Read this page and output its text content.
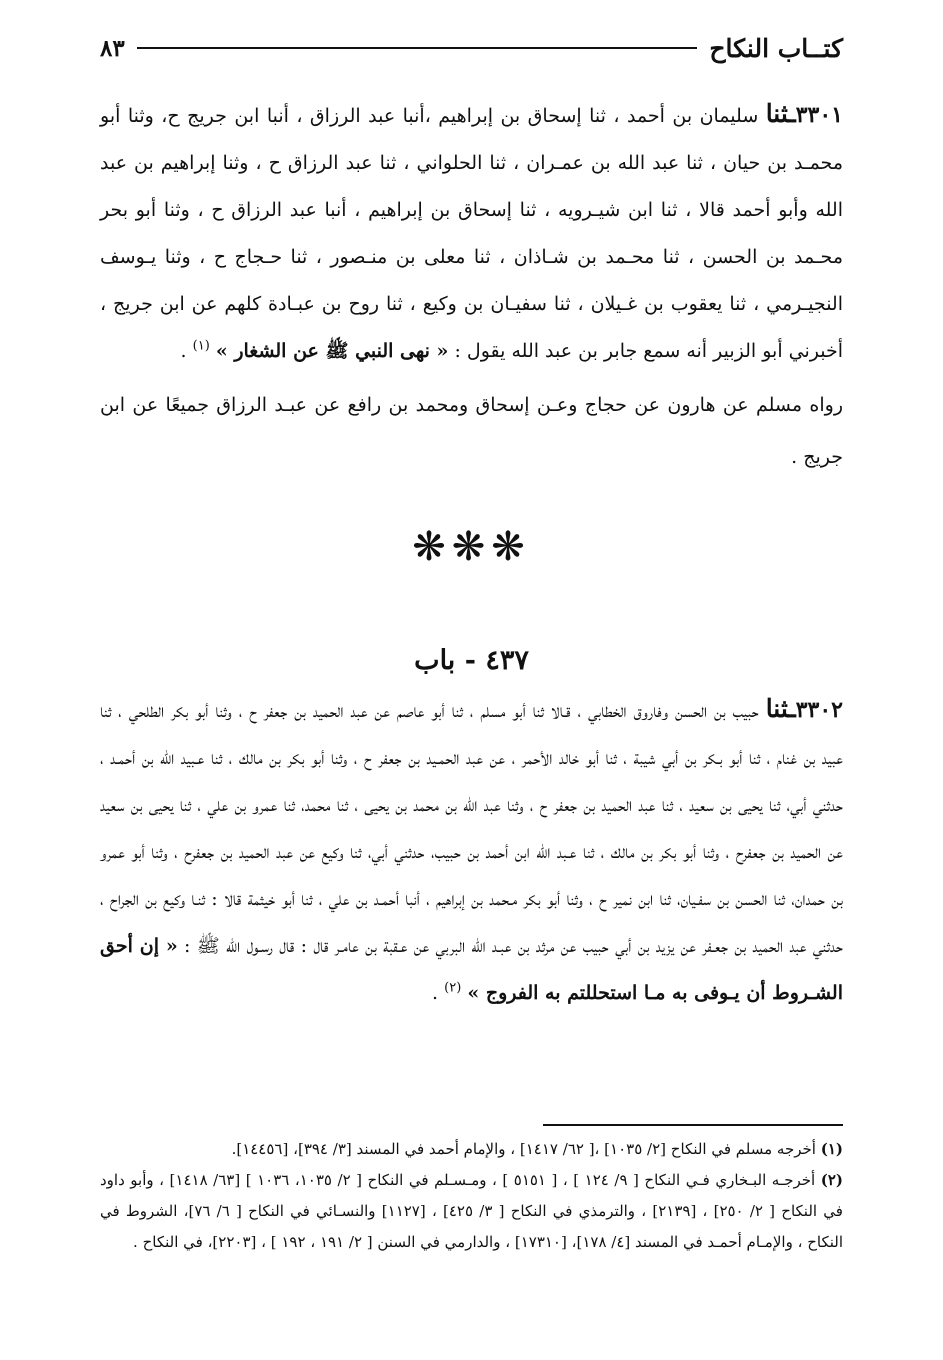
كتــاب النكاح
٨٣

٣٣٠١ـثنا سليمان بن أحمد ، ثنا إسحاق بن إبراهيم ،أنبا عبد الرزاق ، أنبا ابن جريج ح، وثنا أبو محمـد بن حيان ، ثنا عبد الله بن عمـران ، ثنا الحلواني ، ثنا عبد الرزاق ح ، وثنا إبراهيم بن عبد الله وأبو أحمد قالا ، ثنا ابن شيـرويه ، ثنا إسحاق بن إبراهيم ، أنبا عبد الرزاق ح ، وثنا أبو بحر محـمد بن الحسن ، ثنا محـمد بن شـاذان ، ثنا معلى بن منـصور ، ثنا حـجاج ح ، وثنا يـوسف النجيـرمي ، ثنا يعقوب بن غـيلان ، ثنا سفيـان بن وكيع ، ثنا روح بن عبـادة كلهم عن ابن جريج ، أخبرني أبو الزبير أنه سمع جابر بن عبد الله يقول : « نهى النبي ﷺ عن الشغار » $^{(١)}$ .

رواه مسلم عن هارون عن حجاج وعـن إسحاق ومحمد بن رافع عن عبـد الرزاق جميعًا عن ابن جريج .

❋❋❋
٤٣٧ - باب

٣٣٠٢ـثنا حبيب بن الحسن وفاروق الخطابي ، قـالا ثنا أبو مسلم ، ثنا أبو عاصم عن عبد الحميد بن جعفر ح ، وثنا أبو بكر الطلحي ، ثنا عبيد بن غنام ، ثنا أبو بـكر بن أبي شيبة ، ثنا أبو خالد الأحمر ، عن عبد الحمـيد بن جعفر ح ، وثنا أبو بكر بن مالك ، ثنا عـبيد الله بن أحمـد ، حدثني أبي، ثنا يحيى بن سعيد ، ثنا عبد الحميد بن جعفر ح ، وثنا عبد الله بن محمد بن يحيى ، ثنا محمد، ثنا عمرو بن علي ، ثنا يحيى بن سعيد عن الحميد بن جعفرح ، وثنا أبو بكر بن مالك ، ثنا عـبد الله ابن أحمد بن حبيب، حدثني أبي، ثنا وكيع عن عبد الحميد بن جعفرح ، وثنا أبو عمرو بن حمدان، ثنا الحسن بن سفـيان، ثنا ابن نمير ح ، وثنا أبو بكر مـحمد بن إبراهيم ، أنبا أحمـد بن علي ، ثنا أبو خيثمة قالا : ثنـا وكيع بن الجراح ، حدثني عبد الحميد بن جعـفر عن يزيد بن أبي حبيب عن مرثد بن عبـد الله البربي عن عـقبة بن عامـر قال : قال رسـول الله ﷺ : « إن أحق الشـروط أن يـوفى به مـا استحللتم به الفروج » $^{(٢)}$ .

(١) أخرجه مسلم في النكاح [٢/ ١٠٣٥] ،[ ٦٢/ ١٤١٧] ، والإمام أحمد في المسند [٣/ ٣٩٤]، [١٤٤٥٦].

(٢) أخرجـه البـخاري فـي النكاح [ ٩/ ١٢٤ ] ، [ ٥١٥١ ] ، ومـسـلم في النكاح [ ٢/ ١٠٣٥، ١٠٣٦ ] [٦٣/ ١٤١٨] ، وأبو داود في النكاح [ ٢/ ٢٥٠] ، [٢١٣٩] ، والترمذي في النكاح [ ٣/ ٤٢٥] ، [١١٢٧] والنسـائي في النكاح [ ٦/ ٧٦]، الشروط في النكاح ، والإمـام أحمـد في المسند [٤/ ١٧٨]، [١٧٣١٠] ، والدارمي في السنن [ ٢/ ١٩١ ، ١٩٢ ] ، [٢٢٠٣]، في النكاح .
